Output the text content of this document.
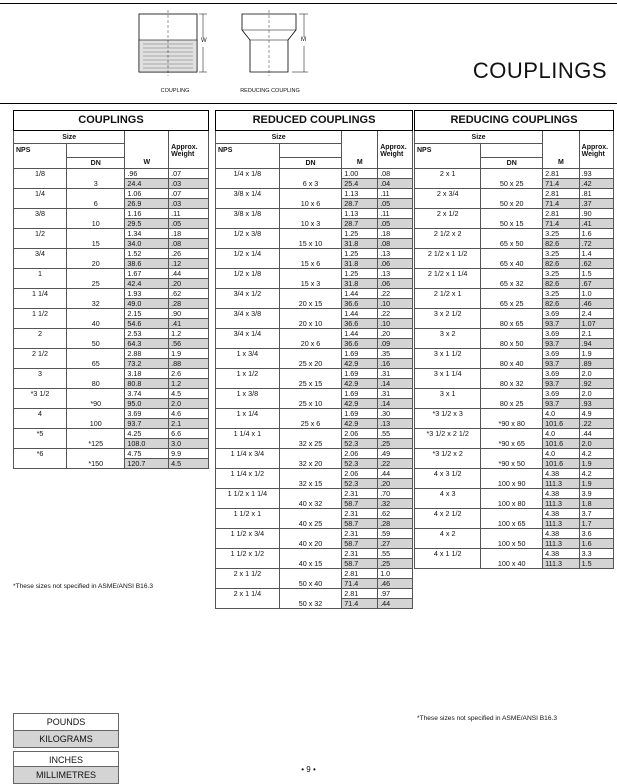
W
COUPLING
M
REDUCING COUPLING
COUPLINGS
COUPLINGS			
Size			
NPS			Approx. Weight
	DN	W	
1/8		.96	.07
	3	24.4	.03
1/4		1.06	.07
	6	26.9	.03
3/8		1.16	.11
	10	29.5	.05
1/2		1.34	.18
	15	34.0	.08
3/4		1.52	.26
	20	38.6	.12
1		1.67	.44
	25	42.4	.20
1 1/4		1.93	.62
	32	49.0	.28
1 1/2		2.15	.90
	40	54.6	.41
2		2.53	1.2
	50	64.3	.56
2 1/2		2.88	1.9
	65	73.2	.88
3		3.18	2.6
	80	80.8	1.2
*3 1/2		3.74	4.5
	*90	95.0	2.0
4		3.69	4.6
	100	93.7	2.1
*5		4.25	6.6
	*125	108.0	3.0
*6		4.75	9.9
	*150	120.7	4.5
*These sizes not specified in ASME/ANSI B16.3
REDUCED COUPLINGS			
Size			
NPS			Approx. Weight
	DN	M	
1/4 x 1/8		1.00	.08
	6 x 3	25.4	.04
3/8 x 1/4		1.13	.11
	10 x 6	28.7	.05
3/8 x 1/8		1.13	.11
	10 x 3	28.7	.05
1/2 x 3/8		1.25	.18
	15 x 10	31.8	.08
1/2 x 1/4		1.25	.13
	15 x 6	31.8	.06
1/2 x 1/8		1.25	.13
	15 x 3	31.8	.06
3/4 x 1/2		1.44	.22
	20 x 15	36.6	.10
3/4 x 3/8		1.44	.22
	20 x 10	36.6	.10
3/4 x 1/4		1.44	.20
	20 x 6	36.6	.09
1 x 3/4		1.69	.35
	25 x 20	42.9	.16
1 x 1/2		1.69	.31
	25 x 15	42.9	.14
1 x 3/8		1.69	.31
	25 x 10	42.9	.14
1 x 1/4		1.69	.30
	25 x 6	42.9	.13
1 1/4 x 1		2.06	.55
	32 x 25	52.3	.25
1 1/4 x 3/4		2.06	.49
	32 x 20	52.3	.22
1 1/4 x 1/2		2.06	.44
	32 x 15	52.3	.20
1 1/2 x 1 1/4		2.31	.70
	40 x 32	58.7	.32
1 1/2 x 1		2.31	.62
	40 x 25	58.7	.28
1 1/2 x 3/4		2.31	.59
	40 x 20	58.7	.27
1 1/2 x 1/2		2.31	.55
	40 x 15	58.7	.25
2 x 1 1/2		2.81	1.0
	50 x 40	71.4	.46
2 x 1 1/4		2.81	.97
	50 x 32	71.4	.44
REDUCING COUPLINGS			
Size			
NPS			Approx. Weight
	DN	M	
2 x 1		2.81	.93
	50 x 25	71.4	.42
2 x 3/4		2.81	.81
	50 x 20	71.4	.37
2 x 1/2		2.81	.90
	50 x 15	71.4	.41
2 1/2 x 2		3.25	1.6
	65 x 50	82.6	.72
2 1/2 x 1 1/2		3.25	1.4
	65 x 40	82.6	.62
2 1/2 x 1 1/4		3.25	1.5
	65 x 32	82.6	.67
2 1/2 x 1		3.25	1.0
	65 x 25	82.6	.46
3 x 2 1/2		3.69	2.4
	80 x 65	93.7	1.07
3 x 2		3.69	2.1
	80 x 50	93.7	.94
3 x 1 1/2		3.69	1.9
	80 x 40	93.7	.89
3 x 1 1/4		3.69	2.0
	80 x 32	93.7	.92
3 x 1		3.69	2.0
	80 x 25	93.7	.93
*3 1/2 x 3		4.0	4.9
	*90 x 80	101.6	.22
*3 1/2 x 2 1/2		4.0	.44
	*90 x 65	101.6	2.0
*3 1/2 x 2		4.0	4.2
	*90 x 50	101.6	1.9
4 x 3 1/2		4.38	4.2
	100 x 90	111.3	1.9
4 x 3		4.38	3.9
	100 x 80	111.3	1.8
4 x 2 1/2		4.38	3.7
	100 x 65	111.3	1.7
4 x 2		4.38	3.6
	100 x 50	111.3	1.6
4 x 1 1/2		4.38	3.3
	100 x 40	111.3	1.5
*These sizes not specified in ASME/ANSI B16.3
POUNDS
KILOGRAMS
INCHES
MILLIMETRES
• 9 •
